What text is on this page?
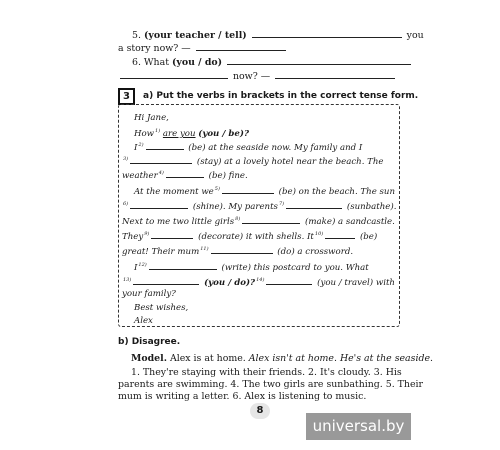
5. (your teacher / tell)	you
a story now? —
6. What (you / do)
now? —
3	a) Put the verbs in brackets in the correct tense form.
Hi Jane,
How$^{1)}$ are you (you / be)?
$I^{2)}$	(be) at the seaside now. My family and I
$^{3)}$	(stay) at a lovely hotel near the beach. The
weather$^{4)}$	(be) fine.
At the moment $we^{5)}$	(be) on the beach. The sun
$^{6)}$	(shine). My parents$^{7)}$	(sunbathe).
Next to me two little girls$^{8)}$	(make) a sandcastle.
They$^{9)}$	(decorate) it with shells. It$^{10)}$	(be)
great! Their mum$^{11)}$	(do) a crossword.
$I^{12)}$	(write) this postcard to you. What
$^{13)}$	(you / do)?$^{14)}$	(you / travel) with
your family?
Best wishes,
Alex
b) Disagree.
Model. Alex is at home. Alex isn't at home. He's at the seaside.
1. They're staying with their friends. 2. It's cloudy. 3. His
parents are swimming. 4. The two girls are sunbathing. 5. Their
mum is writing a letter. 6. Alex is listening to music.
8
universal.by
